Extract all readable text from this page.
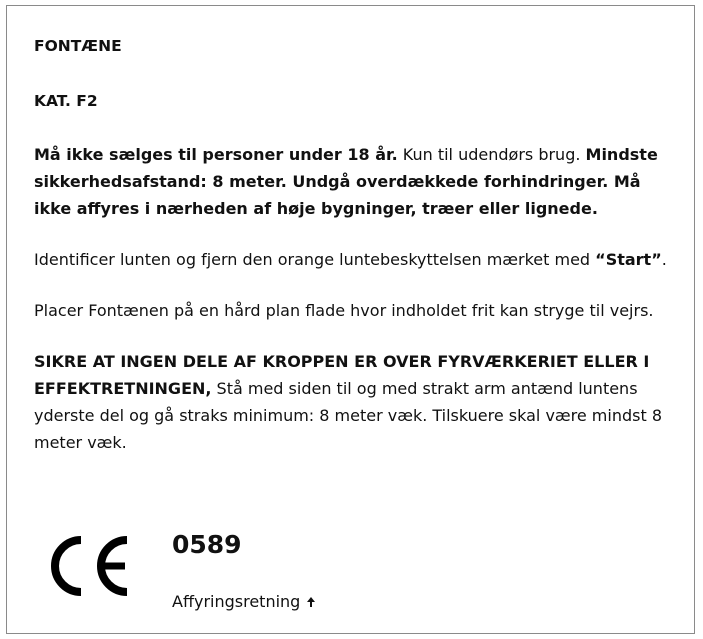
FONTÆNE

KAT. F2

Må ikke sælges til personer under 18 år. Kun til udendørs brug. Mindste sikkerhedsafstand: 8 meter. Undgå overdækkede forhindringer. Må ikke affyres i nærheden af høje bygninger, træer eller lignede.

Identificer lunten og fjern den orange luntebeskyttelsen mærket med “Start”.

Placer Fontænen på en hård plan flade hvor indholdet frit kan stryge til vejrs.

SIKRE AT INGEN DELE AF KROPPEN ER OVER FYRVÆRKERIET ELLER I EFFEKTRETNINGEN, Stå med siden til og med strakt arm antænd luntens yderste del og gå straks minimum: 8 meter væk. Tilskuere skal være mindst 8 meter væk.

0589
Affyringsretning
